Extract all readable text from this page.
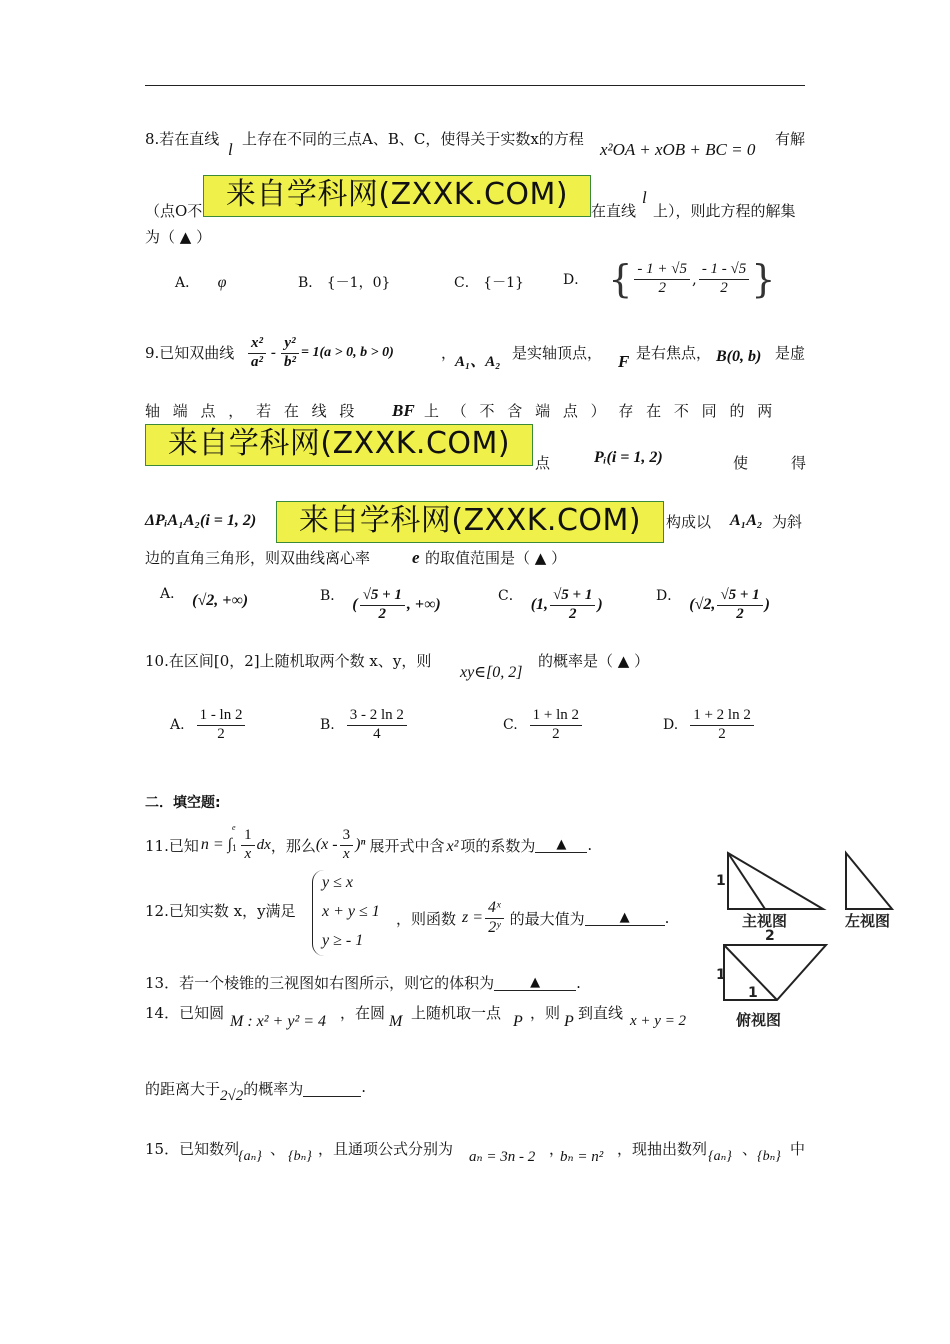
8.若在直线
l
上存在不同的三点A、B、C，使得关于实数x的方程
x²OA + xOB + BC = 0
有解
（点O不 来自学科网(ZXXK.COM)	在直线
l
上），则此方程的解集
为（ ▲ ）
A． φ	B． {－1，0}	C． {－1}	D． { $\frac{- 1 + √5}{2}$ , $\frac{- 1 - √5}{2}$ }
9.已知双曲线 $\frac{\text{x²}}{\text{a²}} - \frac{\text{y²}}{\text{b²}} = 1(a > 0$, b > 0)	，
A₁、A₂ 是实轴顶点， F 是右焦点， B(0, b) 是虚
轴 端 点 ， 若 在 线 段 BF 上 （ 不 含 端 点 ） 存 在 不 同 的 两
来自学科网(ZXXK.COM)
点	Pᵢ(i = 1, 2)	使	得
ΔPᵢA₁A₂(i = 1, 2)	来自学科网(ZXXK.COM)	构成以 A₁A₂ 为斜
边的直角三角形，则双曲线离心率 e 的取值范围是（ ▲ ）
A． (√2, +∞)	B． ( $\frac{√5 + 1}{2}$ , +∞)	C． (1, $\frac{√5 + 1}{2}$ )	D． (√2, $\frac{√5 + 1}{2}$ )
10.在区间[0，2]上随机取两个数 x、y，则
xy∈[0, 2]
的概率是（ ▲ ）
A. $\frac{1 - \ln 2}{2}$	B. $\frac{3 - 2 \ln 2}{4}$	C. $\frac{1 + \ln 2}{2}$	D. $\frac{1 + 2 \ln 2}{2}$
二．填空题:
11.已知 n = ∫
e
$1 \frac{1}{x}$ dx ，那么 $(x - \frac{3}{x} )^n$ 展开式中含 x² 项的系数为	▲	.
12.已知实数 x，y满足
y ≤ x
x + y ≤ 1
y ≥ - 1
，则函数 $z = \frac{\text{4ˣ}}{\text{2ʸ}}$ 的最大值为	▲	.
13．若一个棱锥的三视图如右图所示，则它的体积为	▲	.
14．已知圆 M : x² + y² = 4 ，在圆 M 上随机取一点 P ，则 P 到直线 x + y = 2
的距离大于 2√2 的概率为	.
15．已知数列
{aₙ} 、 {bₙ} ，且通项公式分别为 aₙ = 3n - 2 ，
bₙ = n² ，现抽出数列 {aₙ} 、 {bₙ} 中
1
主视图	左视图
2
1
1
俯视图
